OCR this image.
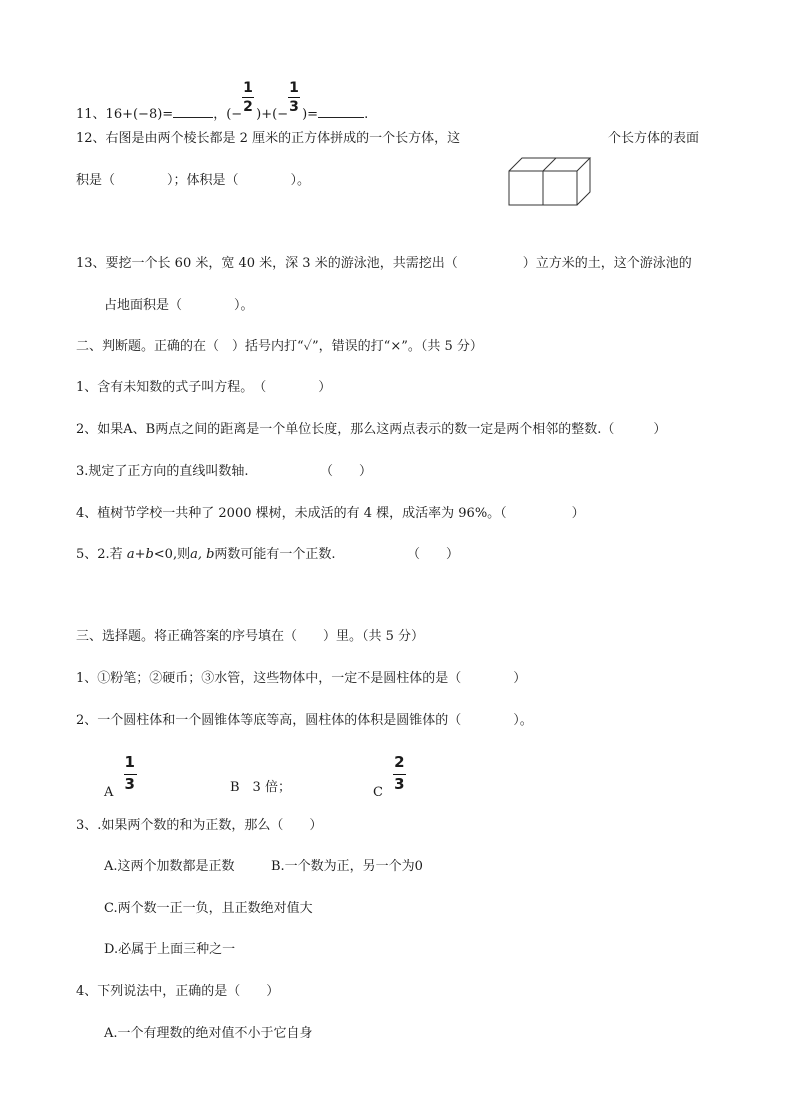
11、16+(−8)=	，(− $\frac{1}{2}$ )+(− $\frac{1}{3}$ )=	.
12、右图是由两个棱长都是 2 厘米的正方体拼成的一个长方体，这	个长方体的表面
积是（　　　　）；体积是（　　　　）。
13、要挖一个长 60 米，宽 40 米，深 3 米的游泳池，共需挖出（　　　　　）立方米的土，这个游泳池的
占地面积是（　　　　）。
二、判断题。正确的在（　）括号内打“✓”，错误的打“×”。（共 5 分）
1、含有未知数的式子叫方程。　（　　　　）
2、如果A、B两点之间的距离是一个单位长度，那么这两点表示的数一定是两个相邻的整数.（　　　）
3.规定了正方向的直线叫数轴.　　　　　　（　　）
4、植树节学校一共种了 2000 棵树，未成活的有 4 棵，成活率为 96%。（　　　　　）
5、2.若 a+b<0,则a, b两数可能有一个正数.　　　　　　（　　）
三、选择题。将正确答案的序号填在（　　）里。（共 5 分）
1、①粉笔；②硬币；③水管，这些物体中，一定不是圆柱体的是（　　　　）
2、一个圆柱体和一个圆锥体等底等高，圆柱体的体积是圆锥体的（　　　　）。
A $\frac{1}{3}$	B　3 倍；	C $\frac{2}{3}$
3、.如果两个数的和为正数，那么（　　）
A.这两个加数都是正数	B.一个数为正，另一个为0
C.两个数一正一负，且正数绝对值大
D.必属于上面三种之一
4、下列说法中，正确的是（　　）
A.一个有理数的绝对值不小于它自身
